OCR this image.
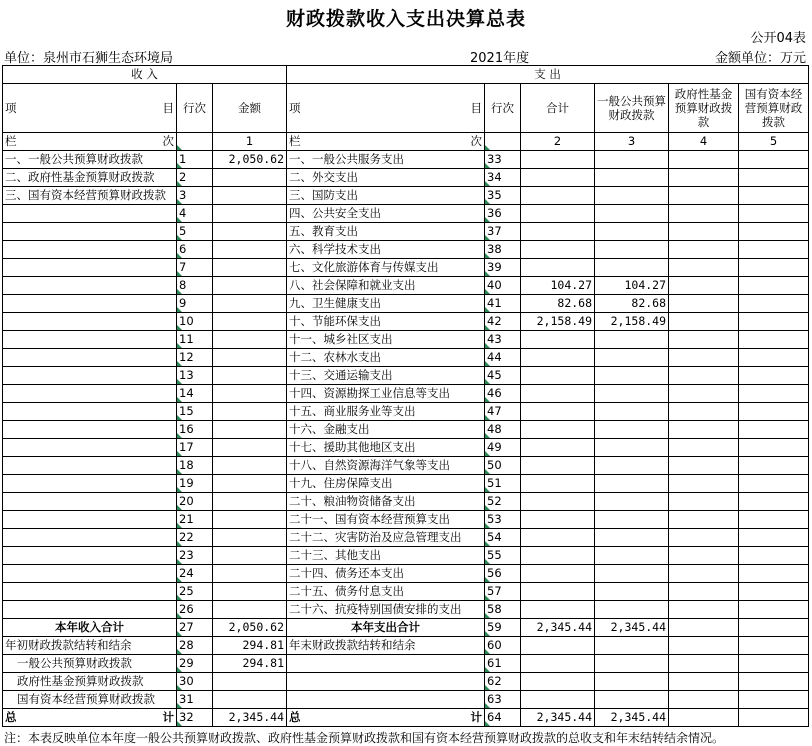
财政拨款收入支出决算总表
公开04表
单位：泉州市石狮生态环境局	2021年度	金额单位：万元
收 入			支 出					

项 目	行次	金额	项 目	行次	合计	一般公共预算财政拨款	政府性基金预算财政拨款	国有资本经营预算财政拨款

栏 次		1	栏 次		2	3	4	5
一、一般公共预算财政拨款	1	2,050.62	一、一般公共服务支出	33				
二、政府性基金预算财政拨款	2		二、外交支出	34				
三、国有资本经营预算财政拨款	3		三、国防支出	35				
	4		四、公共安全支出	36				
	5		五、教育支出	37				
	6		六、科学技术支出	38				
	7		七、文化旅游体育与传媒支出	39				
	8		八、社会保障和就业支出	40	104.27	104.27		
	9		九、卫生健康支出	41	82.68	82.68		
	10		十、节能环保支出	42	2,158.49	2,158.49		
	11		十一、城乡社区支出	43				
	12		十二、农林水支出	44				
	13		十三、交通运输支出	45				
	14		十四、资源勘探工业信息等支出	46				
	15		十五、商业服务业等支出	47				
	16		十六、金融支出	48				
	17		十七、援助其他地区支出	49				
	18		十八、自然资源海洋气象等支出	50				
	19		十九、住房保障支出	51				
	20		二十、粮油物资储备支出	52				
	21		二十一、国有资本经营预算支出	53				
	22		二十二、灾害防治及应急管理支出	54				
	23		二十三、其他支出	55				
	24		二十四、债务还本支出	56				
	25		二十五、债务付息支出	57				
	26		二十六、抗疫特别国债安排的支出	58				
本年收入合计	27	2,050.62	本年支出合计	59	2,345.44	2,345.44		
年初财政拨款结转和结余	28	294.81	年末财政拨款结转和结余	60				
一般公共预算财政拨款	29	294.81		61				
政府性基金预算财政拨款	30			62				
国有资本经营预算财政拨款	31			63				

总 计	32	2,345.44	总 计	64	2,345.44	2,345.44		
注：本表反映单位本年度一般公共预算财政拨款、政府性基金预算财政拨款和国有资本经营预算财政拨款的总收支和年末结转结余情况。
